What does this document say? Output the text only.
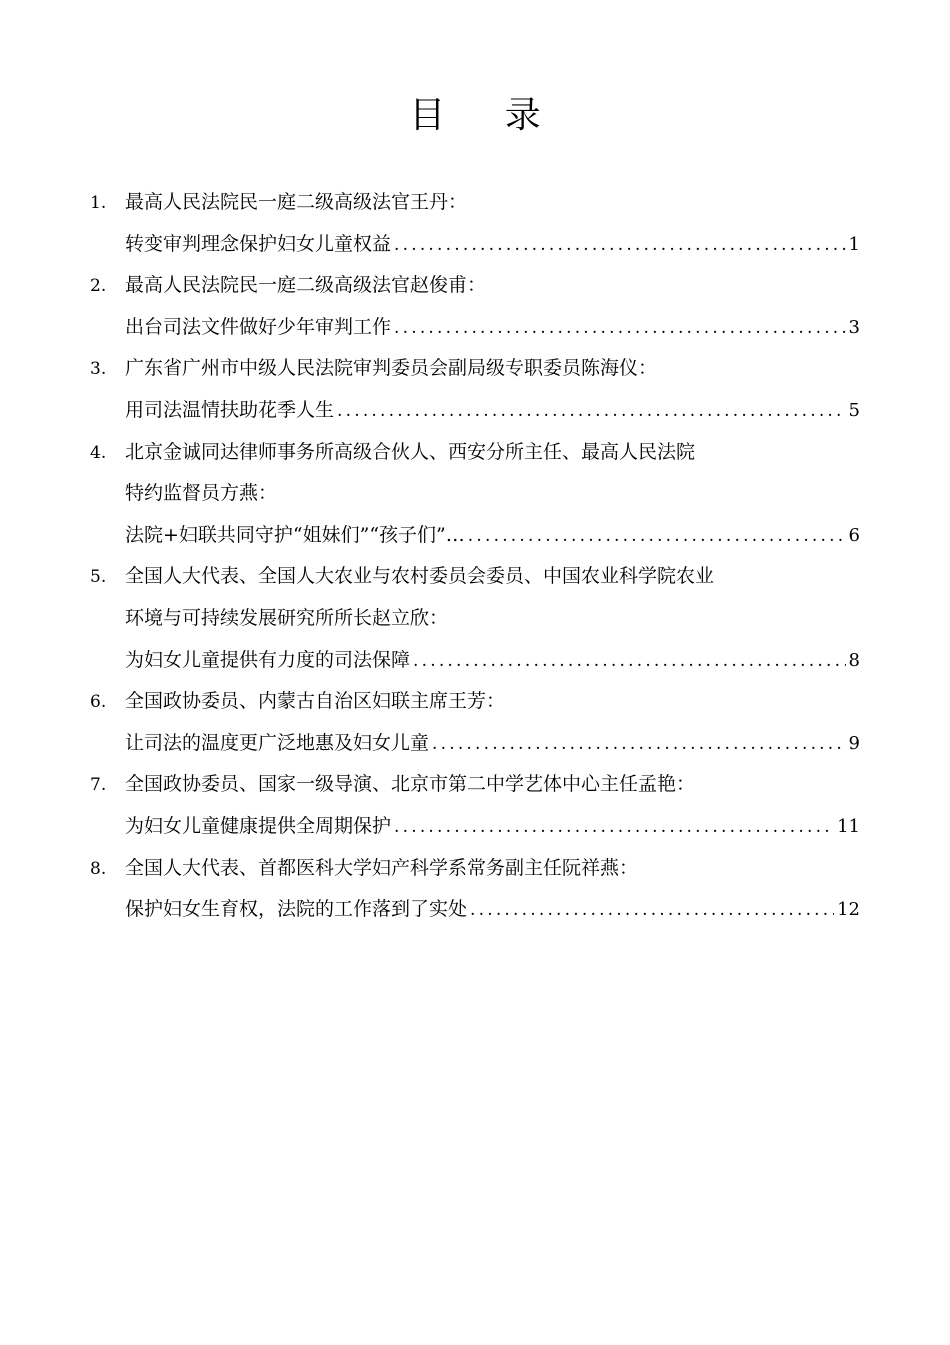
目 录
1. 最高人民法院民一庭二级高级法官王丹：
转变审判理念保护妇女儿童权益 .....	1
2. 最高人民法院民一庭二级高级法官赵俊甫：
出台司法文件做好少年审判工作 .....	3
3. 广东省广州市中级人民法院审判委员会副局级专职委员陈海仪：
用司法温情扶助花季人生 .....	5
4. 北京金诚同达律师事务所高级合伙人、西安分所主任、最高人民法院
特约监督员方燕：
法院+妇联共同守护“姐妹们”“孩子们”… .....	6
5. 全国人大代表、全国人大农业与农村委员会委员、中国农业科学院农业
环境与可持续发展研究所所长赵立欣：
为妇女儿童提供有力度的司法保障 .....	8
6. 全国政协委员、内蒙古自治区妇联主席王芳：
让司法的温度更广泛地惠及妇女儿童 .....	9
7. 全国政协委员、国家一级导演、北京市第二中学艺体中心主任孟艳：
为妇女儿童健康提供全周期保护 .....	11
8. 全国人大代表、首都医科大学妇产科学系常务副主任阮祥燕：
保护妇女生育权，法院的工作落到了实处 .....	12
